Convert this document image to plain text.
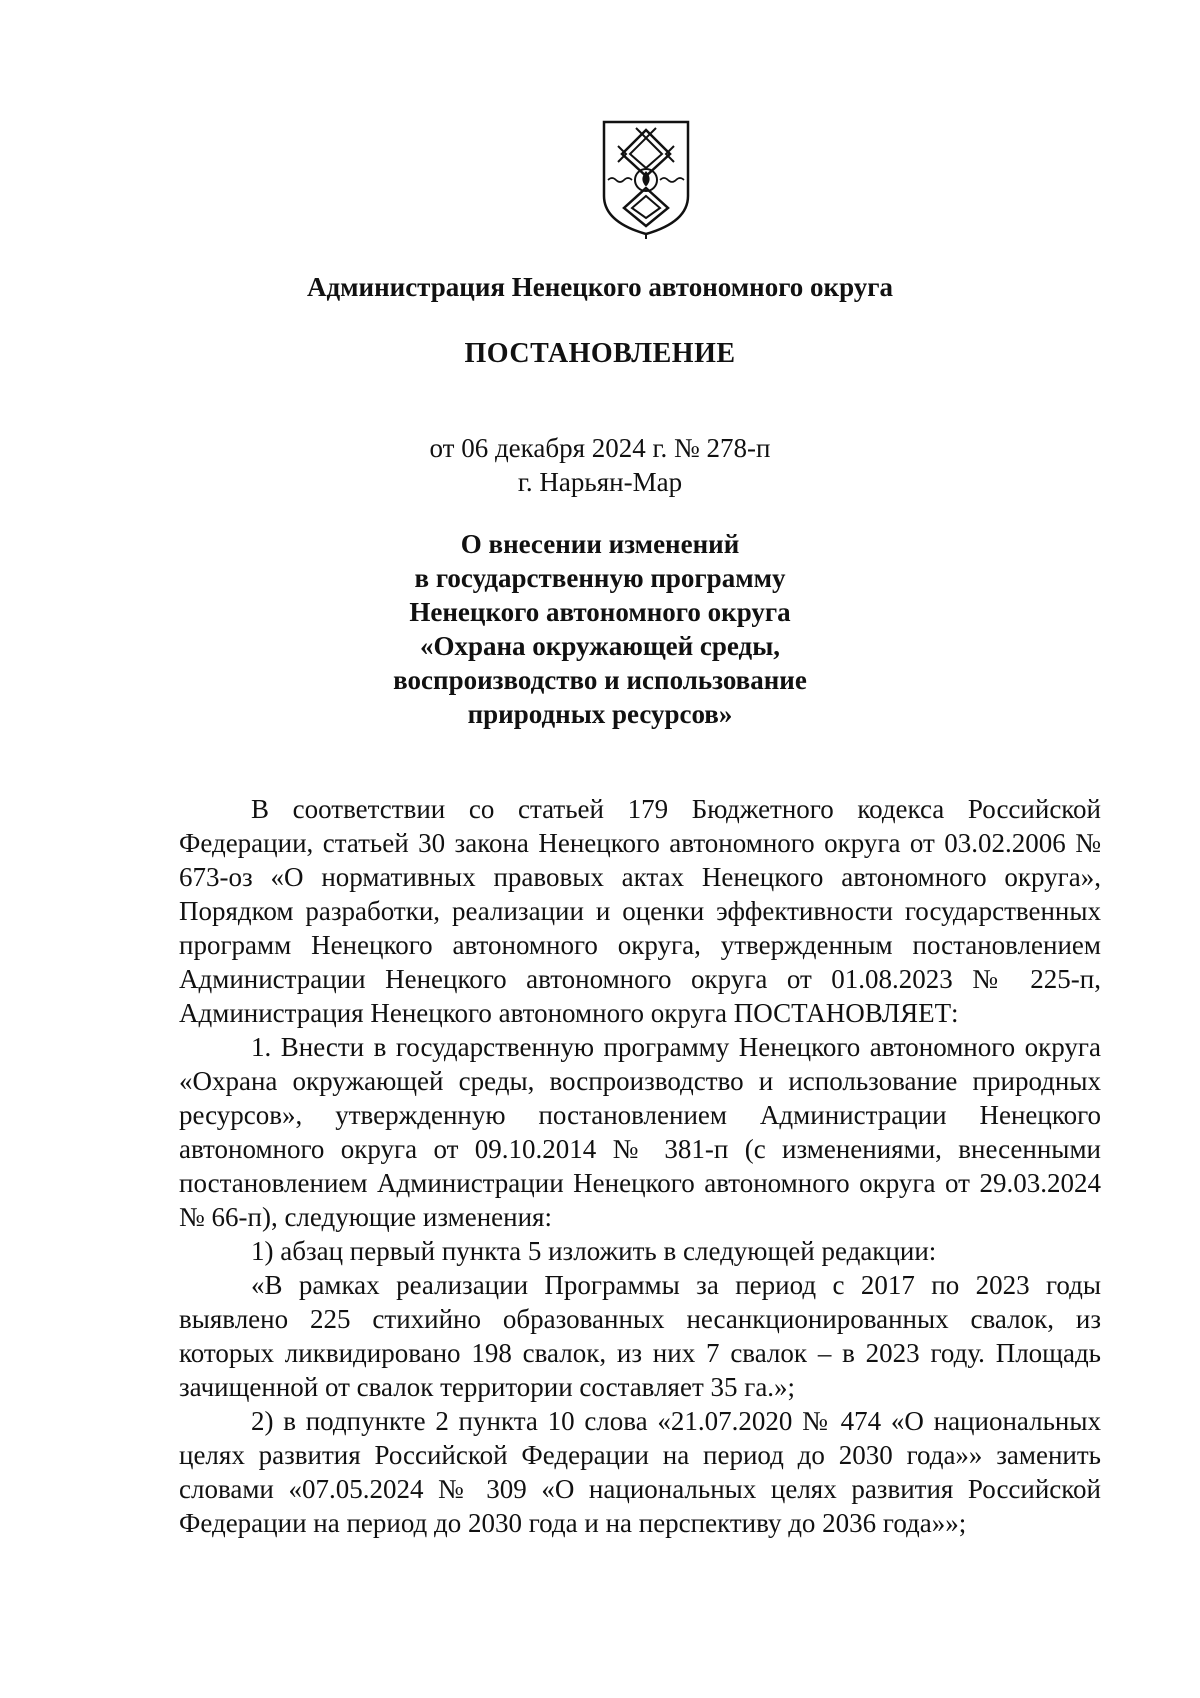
Администрация Ненецкого автономного округа
ПОСТАНОВЛЕНИЕ
от 06 декабря 2024 г. № 278-п
г. Нарьян-Мар
О внесении изменений
в государственную программу
Ненецкого автономного округа
«Охрана окружающей среды,
воспроизводство и использование
природных ресурсов»

В соответствии со статьей 179 Бюджетного кодекса Российской Федерации, статьей 30 закона Ненецкого автономного округа от 03.02.2006 № 673-оз «О нормативных правовых актах Ненецкого автономного округа», Порядком разработки, реализации и оценки эффективности государственных программ Ненецкого автономного округа, утвержденным постановлением Администрации Ненецкого автономного округа от 01.08.2023 № 225-п, Администрация Ненецкого автономного округа ПОСТАНОВЛЯЕТ:

1. Внести в государственную программу Ненецкого автономного округа «Охрана окружающей среды, воспроизводство и использование природных ресурсов», утвержденную постановлением Администрации Ненецкого автономного округа от 09.10.2014 № 381-п (с изменениями, внесенными постановлением Администрации Ненецкого автономного округа от 29.03.2024 № 66-п), следующие изменения:

1) абзац первый пункта 5 изложить в следующей редакции:

«В рамках реализации Программы за период с 2017 по 2023 годы выявлено 225 стихийно образованных несанкционированных свалок, из которых ликвидировано 198 свалок, из них 7 свалок – в 2023 году. Площадь зачищенной от свалок территории составляет 35 га.»;

2) в подпункте 2 пункта 10 слова «21.07.2020 № 474 «О национальных целях развития Российской Федерации на период до 2030 года»» заменить словами «07.05.2024 № 309 «О национальных целях развития Российской Федерации на период до 2030 года и на перспективу до 2036 года»»;
